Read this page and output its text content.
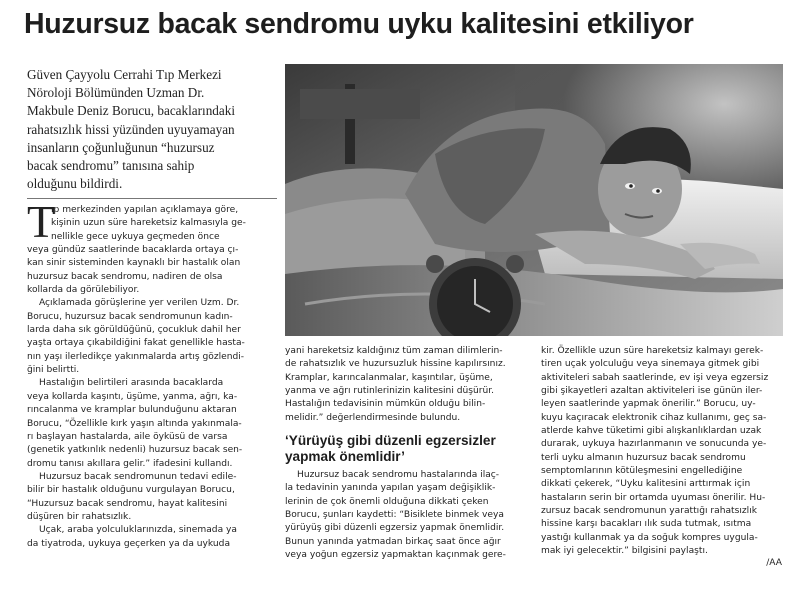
Huzursuz bacak sendromu uyku kalitesini etkiliyor
Güven Çayyolu Cerrahi Tıp Merkezi
Nöroloji Bölümünden Uzman Dr.
Makbule Deniz Borucu, bacaklarındaki
rahatsızlık hissi yüzünden uyuyamayan
insanların çoğunluğunun “huzursuz
bacak sendromu” tanısına sahip
olduğunu bildirdi.
T
ıp merkezinden yapılan açıklamaya göre,
kişinin uzun süre hareketsiz kalmasıyla ge-
nellikle gece uykuya geçmeden önce
veya gündüz saatlerinde bacaklarda ortaya çı-
kan sinir sisteminden kaynaklı bir hastalık olan
huzursuz bacak sendromu, nadiren de olsa
kollarda da görülebiliyor.
Açıklamada görüşlerine yer verilen Uzm. Dr.
Borucu, huzursuz bacak sendromunun kadın-
larda daha sık görüldüğünü, çocukluk dahil her
yaşta ortaya çıkabildiğini fakat genellikle hasta-
nın yaşı ilerledikçe yakınmalarda artış gözlendi-
ğini belirtti.
Hastalığın belirtileri arasında bacaklarda
veya kollarda kaşıntı, üşüme, yanma, ağrı, ka-
rıncalanma ve kramplar bulunduğunu aktaran
Borucu, “Özellikle kırk yaşın altında yakınmala-
rı başlayan hastalarda, aile öyküsü de varsa
(genetik yatkınlık nedenli) huzursuz bacak sen-
dromu tanısı akıllara gelir.” ifadesini kullandı.
Huzursuz bacak sendromunun tedavi edile-
bilir bir hastalık olduğunu vurgulayan Borucu,
“Huzursuz bacak sendromu, hayat kalitesini
düşüren bir rahatsızlık.
Uçak, araba yolculuklarınızda, sinemada ya
da tiyatroda, uykuya geçerken ya da uykuda
yani hareketsiz kaldığınız tüm zaman dilimlerin-
de rahatsızlık ve huzursuzluk hissine kapılırsınız.
Kramplar, karıncalanmalar, kaşıntılar, üşüme,
yanma ve ağrı rutinlerinizin kalitesini düşürür.
Hastalığın tedavisinin mümkün olduğu bilin-
melidir.” değerlendirmesinde bulundu.
‘Yürüyüş gibi düzenli egzersizler
yapmak önemlidir’
Huzursuz bacak sendromu hastalarında ilaç-
la tedavinin yanında yapılan yaşam değişiklik-
lerinin de çok önemli olduğuna dikkati çeken
Borucu, şunları kaydetti: “Bisiklete binmek veya
yürüyüş gibi düzenli egzersiz yapmak önemlidir.
Bunun yanında yatmadan birkaç saat önce ağır
veya yoğun egzersiz yapmaktan kaçınmak gere-
kir. Özellikle uzun süre hareketsiz kalmayı gerek-
tiren uçak yolculuğu veya sinemaya gitmek gibi
aktiviteleri sabah saatlerinde, ev işi veya egzersiz
gibi şikayetleri azaltan aktiviteleri ise günün iler-
leyen saatlerinde yapmak önerilir.” Borucu, uy-
kuyu kaçıracak elektronik cihaz kullanımı, geç sa-
atlerde kahve tüketimi gibi alışkanlıklardan uzak
durarak, uykuya hazırlanmanın ve sonucunda ye-
terli uyku almanın huzursuz bacak sendromu
semptomlarının kötüleşmesini engellediğine
dikkati çekerek, “Uyku kalitesini arttırmak için
hastaların serin bir ortamda uyuması önerilir. Hu-
zursuz bacak sendromunun yarattığı rahatsızlık
hissine karşı bacakları ılık suda tutmak, ısıtma
yastığı kullanmak ya da soğuk kompres uygula-
mak iyi gelecektir.” bilgisini paylaştı.
/AA
